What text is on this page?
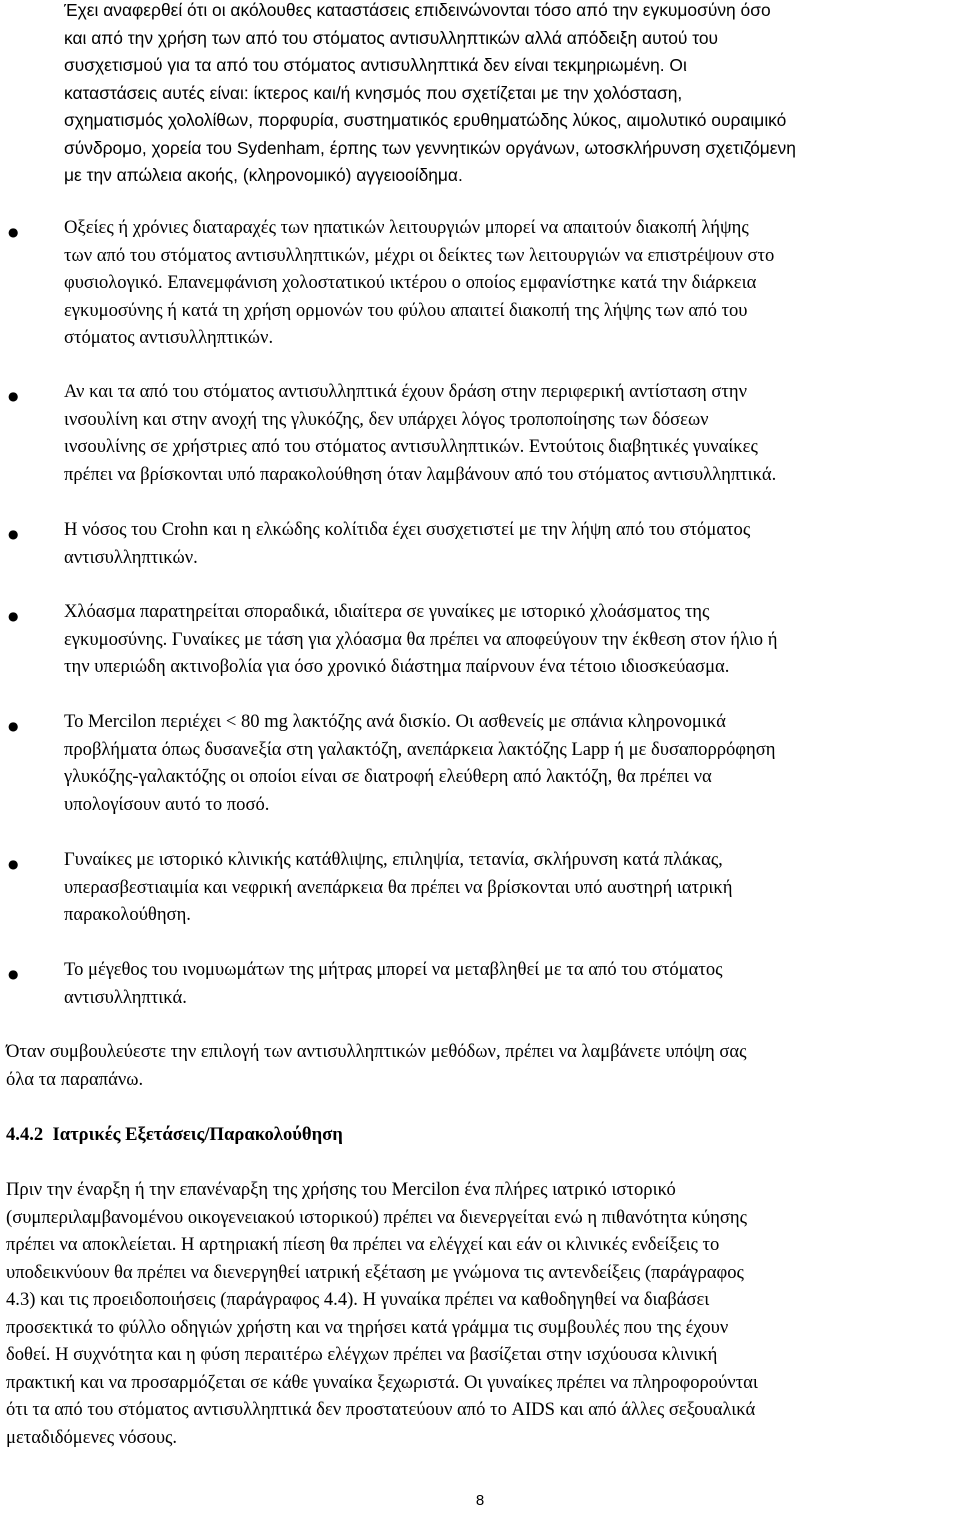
Έχει αναφερθεί ότι οι ακόλουθες καταστάσεις επιδεινώνονται τόσο από την εγκυμοσύνη όσο
και από την χρήση των από του στόματος αντισυλληπτικών αλλά απόδειξη αυτού του
συσχετισμού για τα από του στόματος αντισυλληπτικά δεν είναι τεκμηριωμένη. Οι
καταστάσεις αυτές είναι: ίκτερος και/ή κνησμός που σχετίζεται με την χολόσταση,
σχηματισμός χολολίθων, πορφυρία, συστηματικός ερυθηματώδης λύκος, αιμολυτικό ουραιμικό
σύνδρομο, χορεία του Sydenham, έρπης των γεννητικών οργάνων, ωτοσκλήρυνση σχετιζόμενη
με την απώλεια ακοής, (κληρονομικό) αγγειοοίδημα.
● Οξείες ή χρόνιες διαταραχές των ηπατικών λειτουργιών μπορεί να απαιτούν διακοπή λήψης
των από του στόματος αντισυλληπτικών, μέχρι οι δείκτες των λειτουργιών να επιστρέψουν στο
φυσιολογικό. Επανεμφάνιση χολοστατικού ικτέρου ο οποίος εμφανίστηκε κατά την διάρκεια
εγκυμοσύνης ή κατά τη χρήση ορμονών του φύλου απαιτεί διακοπή της λήψης των από του
στόματος αντισυλληπτικών.
● Αν και τα από του στόματος αντισυλληπτικά έχουν δράση στην περιφερική αντίσταση στην
ινσουλίνη και στην ανοχή της γλυκόζης, δεν υπάρχει λόγος τροποποίησης των δόσεων
ινσουλίνης σε χρήστριες από του στόματος αντισυλληπτικών. Εντούτοις διαβητικές γυναίκες
πρέπει να βρίσκονται υπό παρακολούθηση όταν λαμβάνουν από του στόματος αντισυλληπτικά.
● Η νόσος του Crohn και η ελκώδης κολίτιδα έχει συσχετιστεί με την λήψη από του στόματος
αντισυλληπτικών.
● Χλόασμα παρατηρείται σποραδικά, ιδιαίτερα σε γυναίκες με ιστορικό χλοάσματος της
εγκυμοσύνης. Γυναίκες με τάση για χλόασμα θα πρέπει να αποφεύγουν την έκθεση στον ήλιο ή
την υπεριώδη ακτινοβολία για όσο χρονικό διάστημα παίρνουν ένα τέτοιο ιδιοσκεύασμα.
● Το Mercilon περιέχει < 80 mg λακτόζης ανά δισκίο. Οι ασθενείς με σπάνια κληρονομικά
προβλήματα όπως δυσανεξία στη γαλακτόζη, ανεπάρκεια λακτόζης Lapp ή με δυσαπορρόφηση
γλυκόζης-γαλακτόζης οι οποίοι είναι σε διατροφή ελεύθερη από λακτόζη, θα πρέπει να
υπολογίσουν αυτό το ποσό.
● Γυναίκες με ιστορικό κλινικής κατάθλιψης, επιληψία, τετανία, σκλήρυνση κατά πλάκας,
υπερασβεστιαιμία και νεφρική ανεπάρκεια θα πρέπει να βρίσκονται υπό αυστηρή ιατρική
παρακολούθηση.
● Το μέγεθος του ινομυωμάτων της μήτρας μπορεί να μεταβληθεί με τα από του στόματος
αντισυλληπτικά.
Όταν συμβουλεύεστε την επιλογή των αντισυλληπτικών μεθόδων, πρέπει να λαμβάνετε υπόψη σας
όλα τα παραπάνω.
4.4.2  Ιατρικές Εξετάσεις/Παρακολούθηση
Πριν την έναρξη ή την επανέναρξη της χρήσης του Mercilon ένα πλήρες ιατρικό ιστορικό
(συμπεριλαμβανομένου οικογενειακού ιστορικού) πρέπει να διενεργείται ενώ η πιθανότητα κύησης
πρέπει να αποκλείεται. Η αρτηριακή πίεση θα πρέπει να ελέγχεί και εάν οι κλινικές ενδείξεις το
υποδεικνύουν θα πρέπει να διενεργηθεί ιατρική εξέταση με γνώμονα τις αντενδείξεις (παράγραφος
4.3) και τις προειδοποιήσεις (παράγραφος 4.4). Η γυναίκα πρέπει να καθοδηγηθεί να διαβάσει
προσεκτικά το φύλλο οδηγιών χρήστη και να τηρήσει κατά γράμμα τις συμβουλές που της έχουν
δοθεί. Η συχνότητα και η φύση περαιτέρω ελέγχων πρέπει να βασίζεται στην ισχύουσα κλινική
πρακτική και να προσαρμόζεται σε κάθε γυναίκα ξεχωριστά. Οι γυναίκες πρέπει να πληροφορούνται
ότι τα από του στόματος αντισυλληπτικά δεν προστατεύουν από το AIDS και από άλλες σεξουαλικά
μεταδιδόμενες νόσους.
8
